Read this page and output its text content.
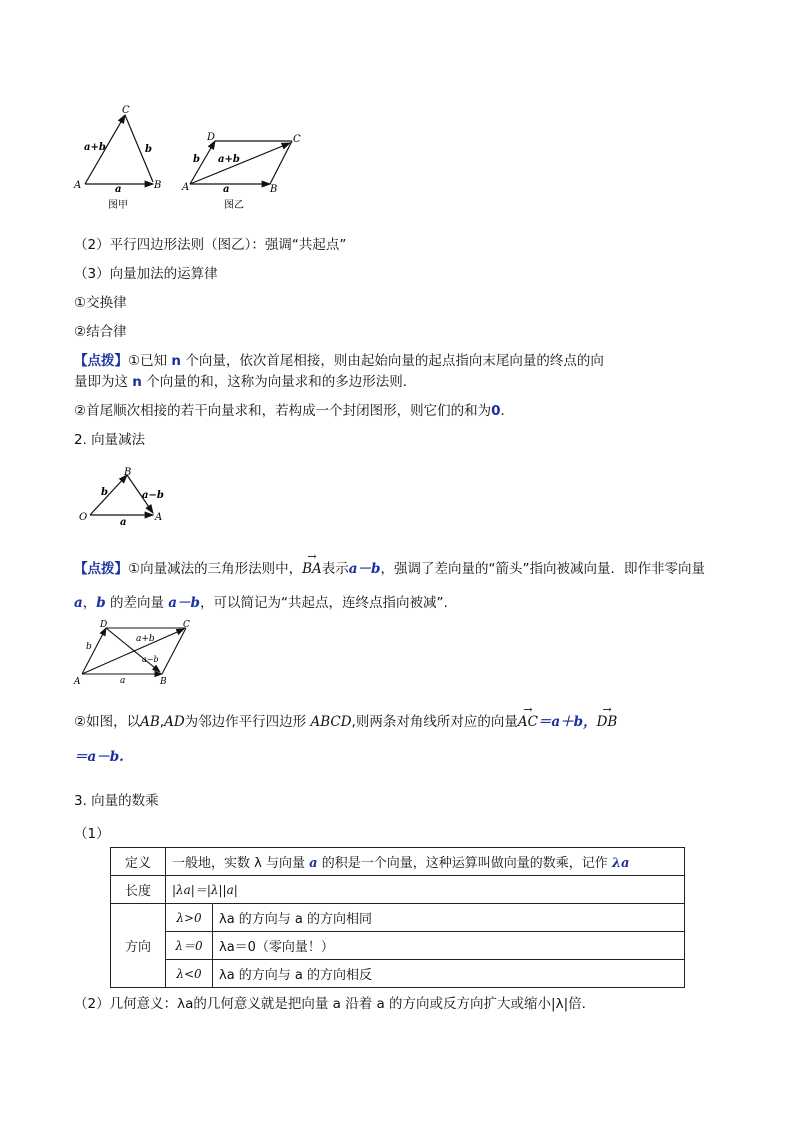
C
A	B
a+b	b
a
图甲
D	C
A	B
b a+b
a
图乙
（2）平行四边形法则（图乙）：强调“共起点”
（3）向量加法的运算律
①交换律
②结合律
【点拨】①已知 n 个向量，依次首尾相接，则由起始向量的起点指向末尾向量的终点的向
量即为这 n 个向量的和，这称为向量求和的多边形法则．
②首尾顺次相接的若干向量求和，若构成一个封闭图形，则它们的和为0．
2. 向量减法
B
b	a−b
O	a	A
【点拨】①向量减法的三角形法则中，→ BA表示a－b，强调了差向量的“箭头”指向被减向量．即作非零向量
a，b 的差向量 a－b，可以简记为“共起点，连终点指向被减”.
D	C
a+b
b
a−b
A	a	B
②如图，以AB,AD为邻边作平行四边形 ABCD,则两条对角线所对应的向量→ AC＝a＋b，→ DB
＝a－b.
3. 向量的数乘
（1）
定义	一般地，实数 λ 与向量 a 的积是一个向量，这种运算叫做向量的数乘，记作 λa	
长度	|λa|＝|λ||a|	
方向	λ>0	λa 的方向与 a 的方向相同
	λ＝0	λa＝0（零向量！）
	λ<0	λa 的方向与 a 的方向相反
（2）几何意义：λa的几何意义就是把向量 a 沿着 a 的方向或反方向扩大或缩小|λ|倍．
